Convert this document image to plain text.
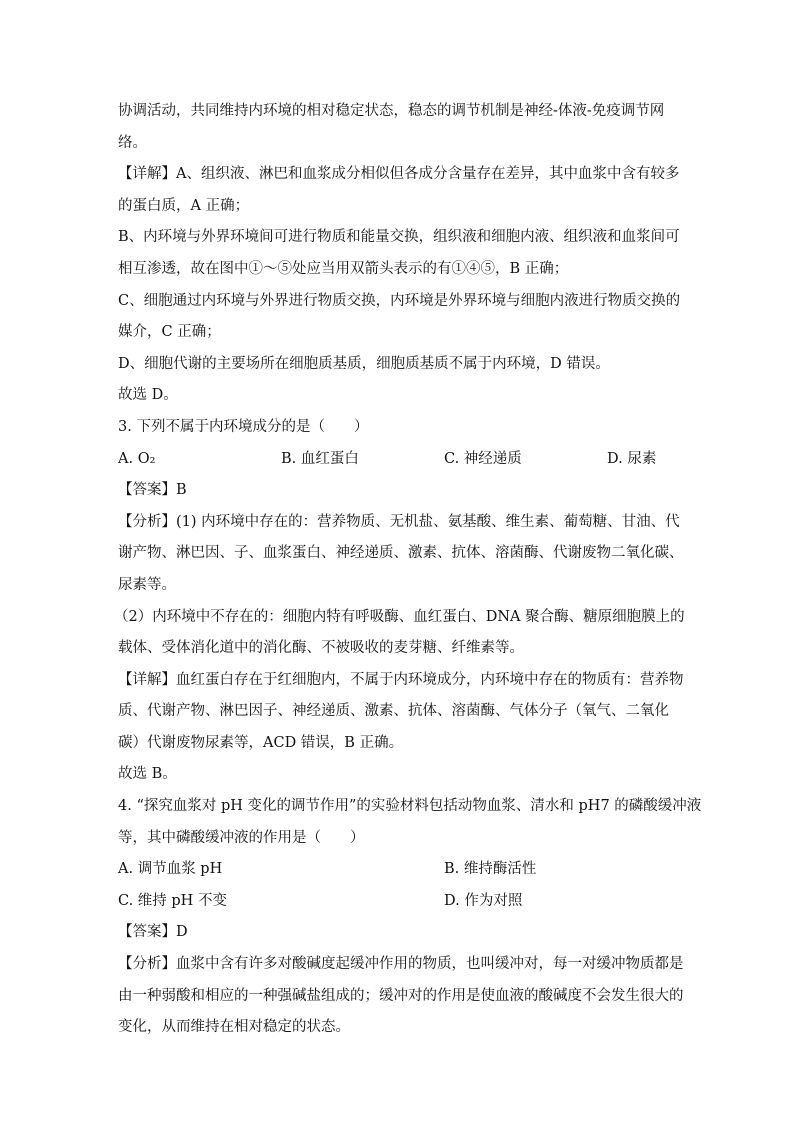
协调活动，共同维持内环境的相对稳定状态，稳态的调节机制是神经-体液-免疫调节网
络。
【详解】A、组织液、淋巴和血浆成分相似但各成分含量存在差异，其中血浆中含有较多
的蛋白质，A 正确；
B、内环境与外界环境间可进行物质和能量交换，组织液和细胞内液、组织液和血浆间可
相互渗透，故在图中①～⑤处应当用双箭头表示的有①④⑤，B 正确；
C、细胞通过内环境与外界进行物质交换，内环境是外界环境与细胞内液进行物质交换的
媒介，C 正确；
D、细胞代谢的主要场所在细胞质基质，细胞质基质不属于内环境，D 错误。
故选 D。
3. 下列不属于内环境成分的是（　　）
A. O₂	B. 血红蛋白	C. 神经递质	D. 尿素
【答案】B
【分析】(1) 内环境中存在的：营养物质、无机盐、氨基酸、维生素、葡萄糖、甘油、代
谢产物、淋巴因、子、血浆蛋白、神经递质、激素、抗体、溶菌酶、代谢废物二氧化碳、
尿素等。
（2）内环境中不存在的：细胞内特有呼吸酶、血红蛋白、DNA 聚合酶、糖原细胞膜上的
载体、受体消化道中的消化酶、不被吸收的麦芽糖、纤维素等。
【详解】血红蛋白存在于红细胞内，不属于内环境成分，内环境中存在的物质有：营养物
质、代谢产物、淋巴因子、神经递质、激素、抗体、溶菌酶、气体分子（氧气、二氧化
碳）代谢废物尿素等，ACD 错误，B 正确。
故选 B。
4. “探究血浆对 pH 变化的调节作用”的实验材料包括动物血浆、清水和 pH7 的磷酸缓冲液
等，其中磷酸缓冲液的作用是（　　）
A. 调节血浆 pH	B. 维持酶活性
C. 维持 pH 不变	D. 作为对照
【答案】D
【分析】血浆中含有许多对酸碱度起缓冲作用的物质，也叫缓冲对，每一对缓冲物质都是
由一种弱酸和相应的一种强碱盐组成的；缓冲对的作用是使血液的酸碱度不会发生很大的
变化，从而维持在相对稳定的状态。
